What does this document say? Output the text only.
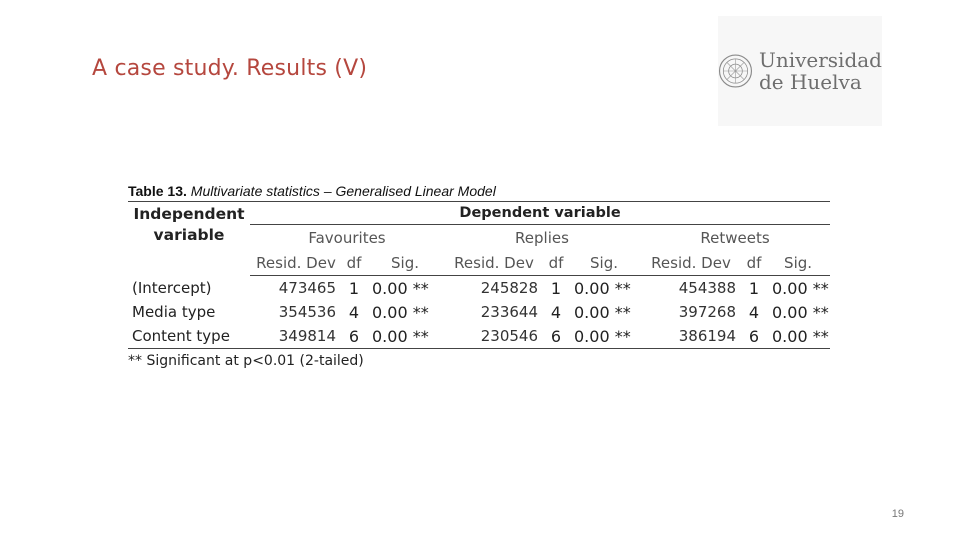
A case study. Results (V)	Universidad
de Huelva
Table 13. Multivariate statistics – Generalised Linear Model
Independent variable	Dependent variable								
	Favourites			Replies			Retweets		
	Resid. Dev	df	Sig.	Resid. Dev	df	Sig.	Resid. Dev	df	Sig.
(Intercept)	473465	1	0.00 **	245828	1	0.00 **	454388	1	0.00 **
Media type	354536	4	0.00 **	233644	4	0.00 **	397268	4	0.00 **
Content type	349814	6	0.00 **	230546	6	0.00 **	386194	6	0.00 **
** Significant at p<0.01 (2-tailed)
19
